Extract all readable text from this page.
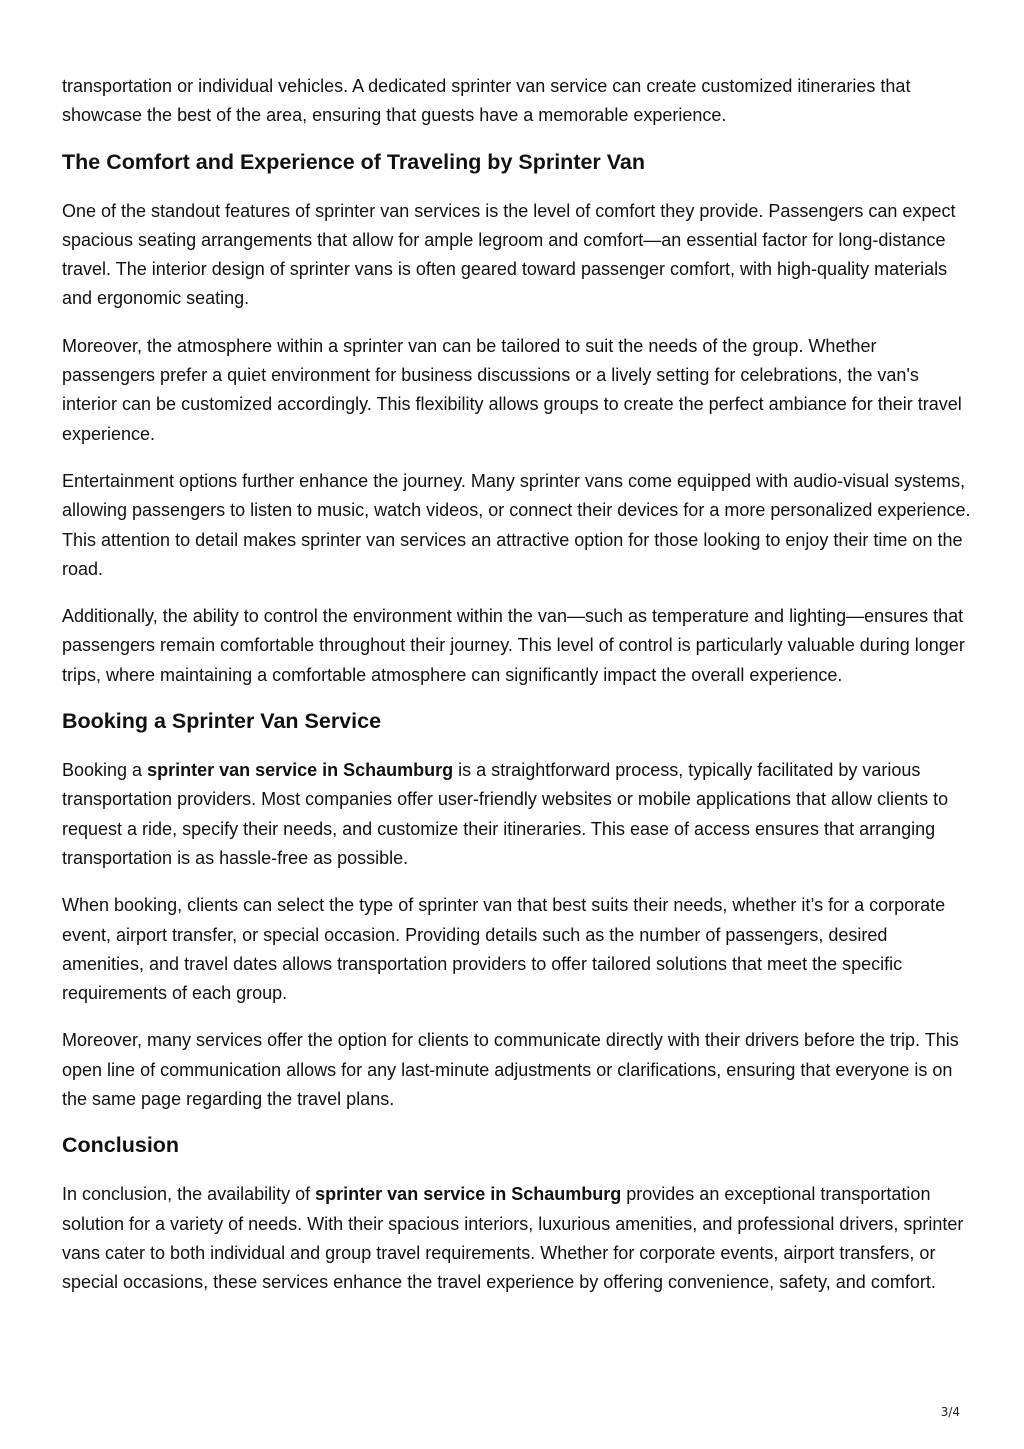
transportation or individual vehicles. A dedicated sprinter van service can create customized itineraries that showcase the best of the area, ensuring that guests have a memorable experience.

The Comfort and Experience of Traveling by Sprinter Van

One of the standout features of sprinter van services is the level of comfort they provide. Passengers can expect spacious seating arrangements that allow for ample legroom and comfort—an essential factor for long-distance travel. The interior design of sprinter vans is often geared toward passenger comfort, with high-quality materials and ergonomic seating.

Moreover, the atmosphere within a sprinter van can be tailored to suit the needs of the group. Whether passengers prefer a quiet environment for business discussions or a lively setting for celebrations, the van's interior can be customized accordingly. This flexibility allows groups to create the perfect ambiance for their travel experience.

Entertainment options further enhance the journey. Many sprinter vans come equipped with audio-visual systems, allowing passengers to listen to music, watch videos, or connect their devices for a more personalized experience. This attention to detail makes sprinter van services an attractive option for those looking to enjoy their time on the road.

Additionally, the ability to control the environment within the van—such as temperature and lighting—ensures that passengers remain comfortable throughout their journey. This level of control is particularly valuable during longer trips, where maintaining a comfortable atmosphere can significantly impact the overall experience.

Booking a Sprinter Van Service

Booking a sprinter van service in Schaumburg is a straightforward process, typically facilitated by various transportation providers. Most companies offer user-friendly websites or mobile applications that allow clients to request a ride, specify their needs, and customize their itineraries. This ease of access ensures that arranging transportation is as hassle-free as possible.

When booking, clients can select the type of sprinter van that best suits their needs, whether it’s for a corporate event, airport transfer, or special occasion. Providing details such as the number of passengers, desired amenities, and travel dates allows transportation providers to offer tailored solutions that meet the specific requirements of each group.

Moreover, many services offer the option for clients to communicate directly with their drivers before the trip. This open line of communication allows for any last-minute adjustments or clarifications, ensuring that everyone is on the same page regarding the travel plans.

Conclusion

In conclusion, the availability of sprinter van service in Schaumburg provides an exceptional transportation solution for a variety of needs. With their spacious interiors, luxurious amenities, and professional drivers, sprinter vans cater to both individual and group travel requirements. Whether for corporate events, airport transfers, or special occasions, these services enhance the travel experience by offering convenience, safety, and comfort.

3/4
